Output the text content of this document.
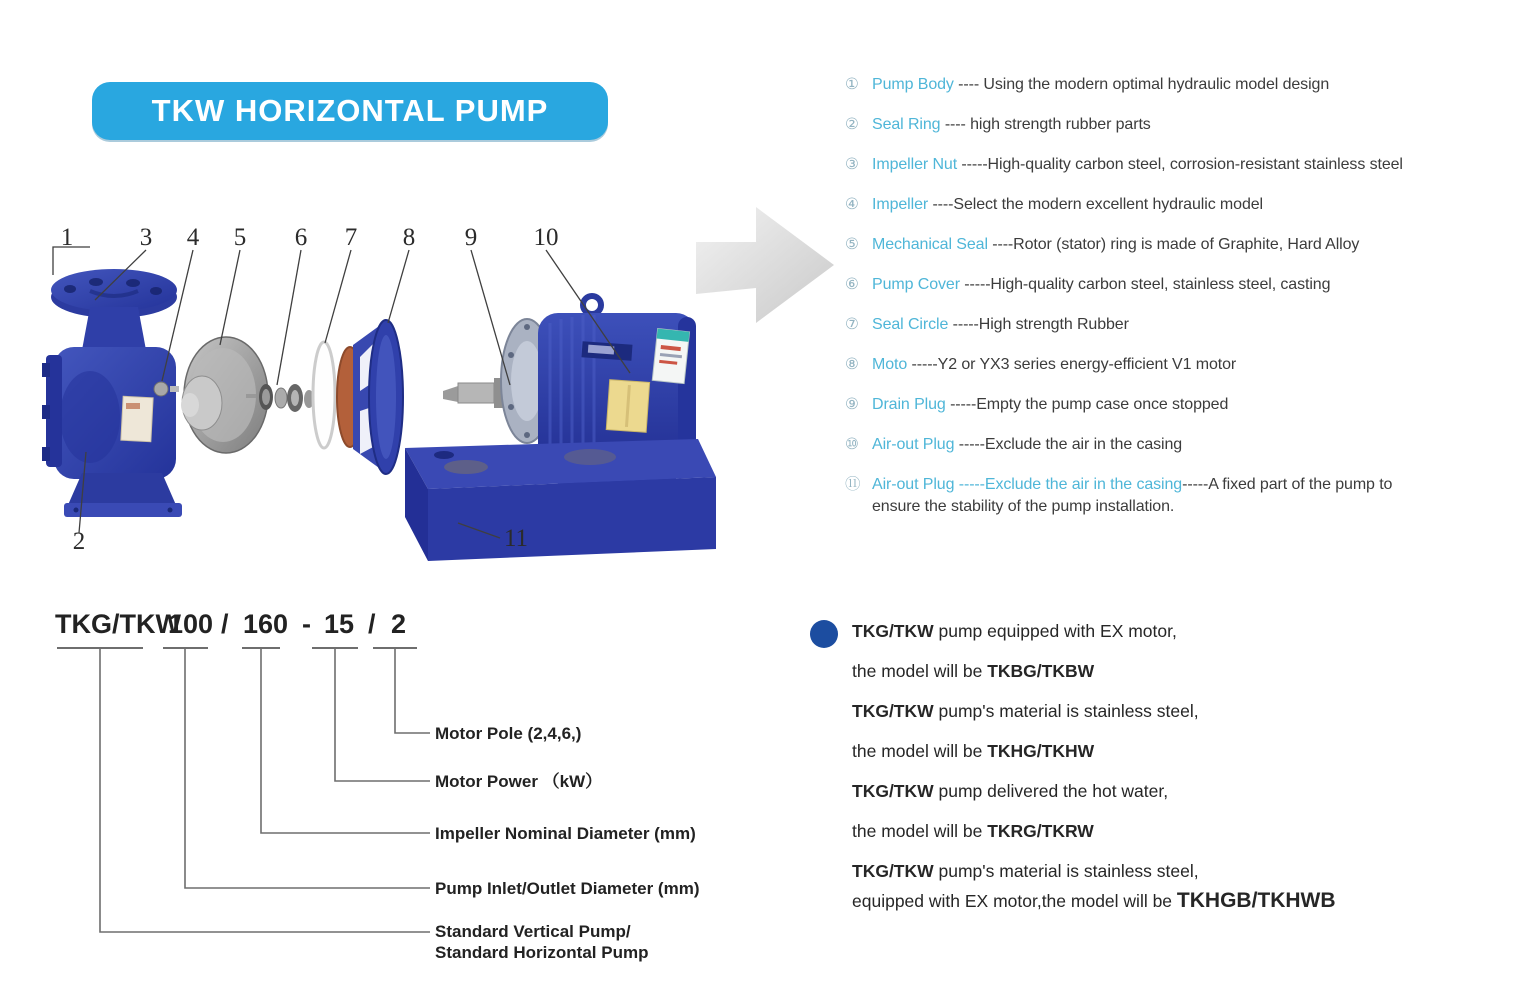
TKW HORIZONTAL PUMP
1
2
3 4 5 6 7 8 9 10
11
① Pump Body ---- Using the modern optimal hydraulic model design
② Seal Ring ---- high strength rubber parts
③ Impeller Nut -----High-quality carbon steel, corrosion-resistant stainless steel
④ Impeller ----Select the modern excellent hydraulic model
⑤ Mechanical Seal ----Rotor (stator) ring is made of Graphite, Hard Alloy
⑥ Pump Cover -----High-quality carbon steel, stainless steel, casting
⑦ Seal Circle -----High strength Rubber
⑧ Moto -----Y2 or YX3 series energy-efficient V1 motor
⑨ Drain Plug -----Empty the pump case once stopped
⑩ Air-out Plug -----Exclude the air in the casing
⑪ Air-out Plug -----Exclude the air in the casing-----A fixed part of the pump to
ensure the stability of the pump installation.
TKG/TKW
100 / 160 - 15 / 2
Motor Pole (2,4,6,)
Motor Power （kW）
Impeller Nominal Diameter (mm)
Pump Inlet/Outlet Diameter (mm)
Standard Vertical Pump/
Standard Horizontal Pump

TKG/TKW pump equipped with EX motor,

the model will be TKBG/TKBW

TKG/TKW pump's material is stainless steel,

the model will be TKHG/TKHW

TKG/TKW pump delivered the hot water,

the model will be TKRG/TKRW

TKG/TKW pump's material is stainless steel,

equipped with EX motor,the model will be TKHGB/TKHWB
